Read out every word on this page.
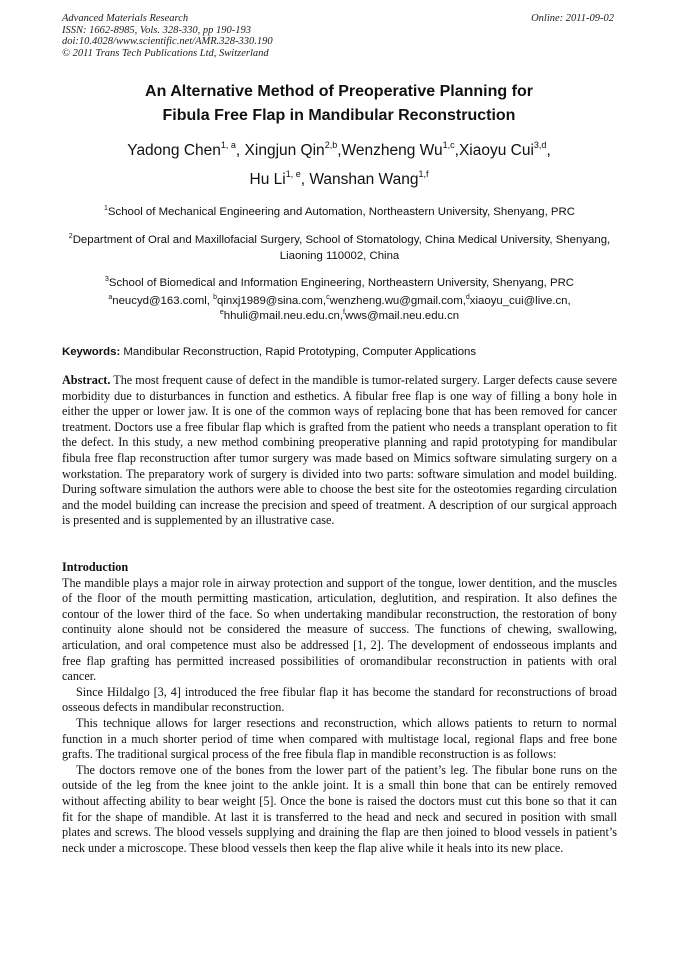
Advanced Materials Research
ISSN: 1662-8985, Vols. 328-330, pp 190-193
doi:10.4028/www.scientific.net/AMR.328-330.190
© 2011 Trans Tech Publications Ltd, Switzerland
Online: 2011-09-02
An Alternative Method of Preoperative Planning for
Fibula Free Flap in Mandibular Reconstruction
Yadong Chen$^{1, a}$, Xingjun Qin$^{2,b}$,Wenzheng Wu$^{1,c}$,Xiaoyu Cui$^{3,d}$,
Hu Li$^{1, e}$, Wanshan Wang$^{1,f}$
$^1$School of Mechanical Engineering and Automation, Northeastern University, Shenyang, PRC
$^2$Department of Oral and Maxillofacial Surgery, School of Stomatology, China Medical University, Shenyang, Liaoning 110002, China
$^3$School of Biomedical and Information Engineering, Northeastern University, Shenyang, PRC
$^a$neucyd@163.coml, $^b$qinxj1989@sina.com,$^c$wenzheng.wu@gmail.com,$^d$xiaoyu_cui@live.cn,
$^e$hhuli@mail.neu.edu.cn,$^f$wws@mail.neu.edu.cn
Keywords: Mandibular Reconstruction, Rapid Prototyping, Computer Applications

Abstract. The most frequent cause of defect in the mandible is tumor-related surgery. Larger defects cause severe morbidity due to disturbances in function and esthetics. A fibular free flap is one way of filling a bony hole in either the upper or lower jaw. It is one of the common ways of replacing bone that has been removed for cancer treatment. Doctors use a free fibular flap which is grafted from the patient who needs a transplant operation to fit the defect. In this study, a new method combining preoperative planning and rapid prototyping for mandibular fibula free flap reconstruction after tumor surgery was made based on Mimics software simulating surgery on a workstation. The preparatory work of surgery is divided into two parts: software simulation and model building. During software simulation the authors were able to choose the best site for the osteotomies regarding circulation and the model building can increase the precision and speed of treatment. A description of our surgical approach is presented and is supplemented by an illustrative case.

Introduction

The mandible plays a major role in airway protection and support of the tongue, lower dentition, and the muscles of the floor of the mouth permitting mastication, articulation, deglutition, and respiration. It also defines the contour of the lower third of the face. So when undertaking mandibular reconstruction, the restoration of bony continuity alone should not be considered the measure of success. The functions of chewing, swallowing, articulation, and oral competence must also be addressed [1, 2]. The development of endosseous implants and free flap grafting has permitted increased possibilities of oromandibular reconstruction in patients with oral cancer.

Since Hildalgo [3, 4] introduced the free fibular flap it has become the standard for reconstructions of broad osseous defects in mandibular reconstruction.

This technique allows for larger resections and reconstruction, which allows patients to return to normal function in a much shorter period of time when compared with multistage local, regional flaps and free bone grafts. The traditional surgical process of the free fibula flap in mandible reconstruction is as follows:

The doctors remove one of the bones from the lower part of the patient’s leg. The fibular bone runs on the outside of the leg from the knee joint to the ankle joint. It is a small thin bone that can be entirely removed without affecting ability to bear weight [5]. Once the bone is raised the doctors must cut this bone so that it can fit for the shape of mandible. At last it is transferred to the head and neck and secured in position with small plates and screws. The blood vessels supplying and draining the flap are then joined to blood vessels in patient’s neck under a microscope. These blood vessels then keep the flap alive while it heals into its new place.
